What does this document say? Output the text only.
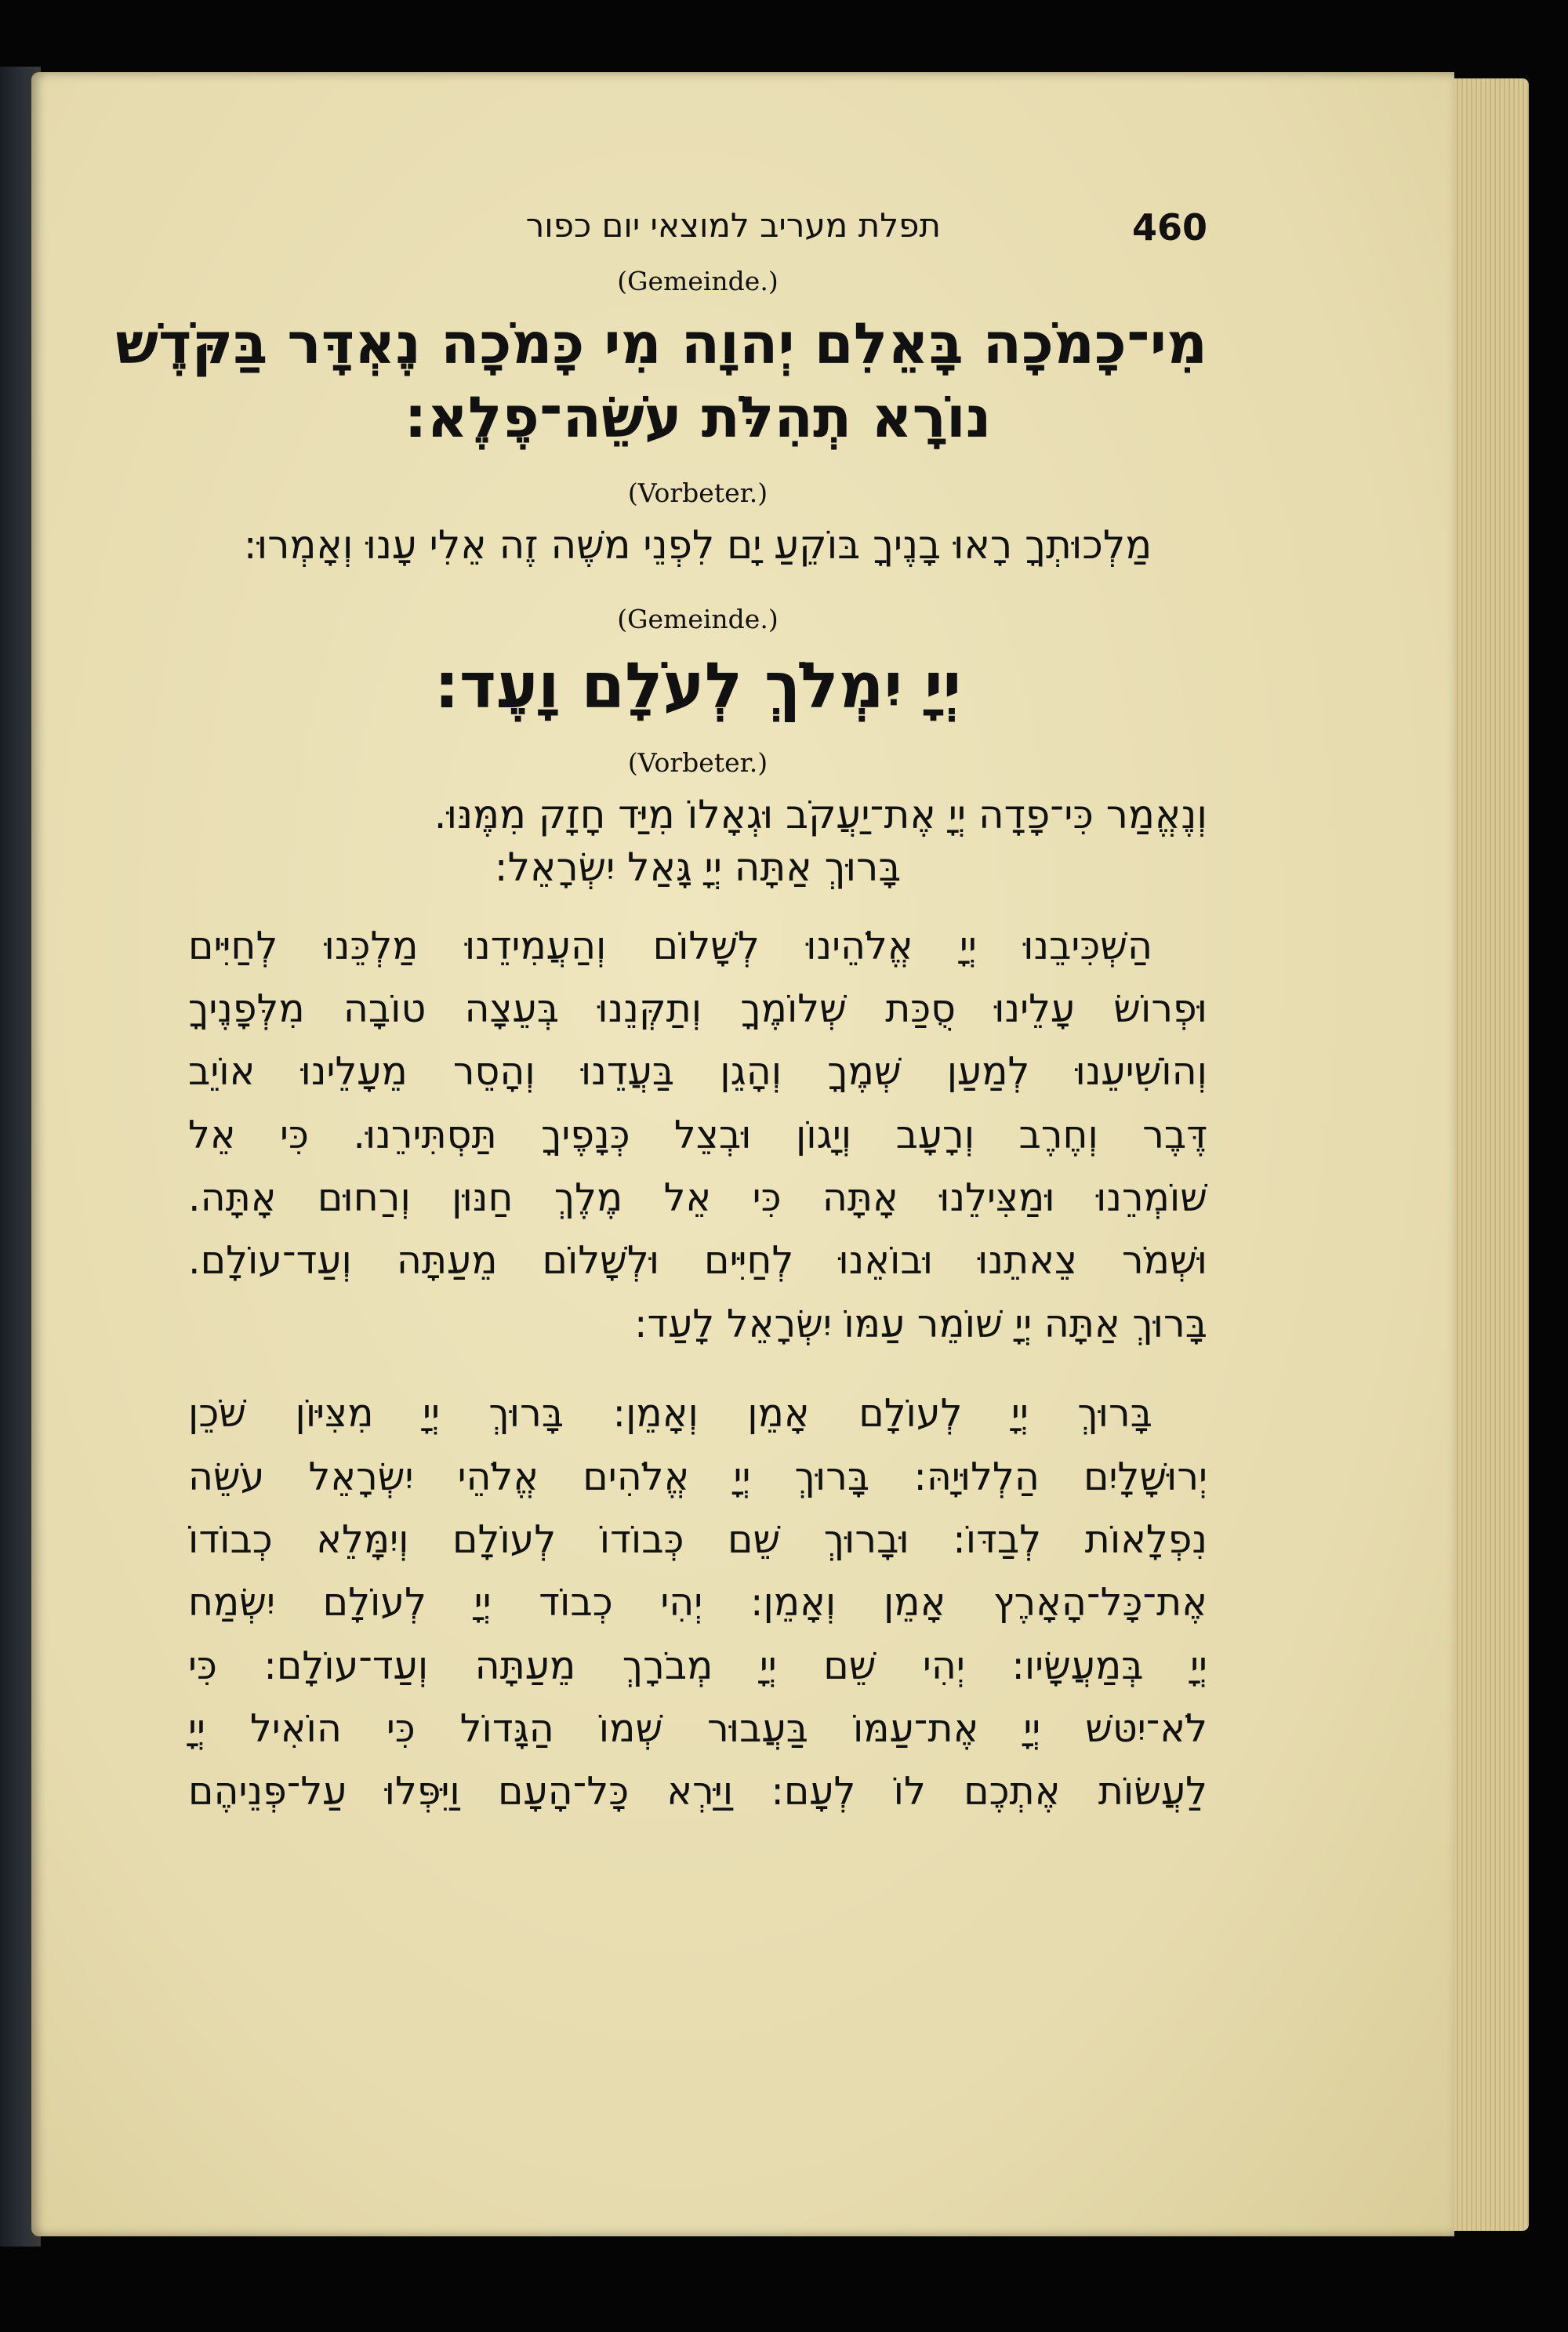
תפלת מעריב למוצאי יום כפור	460
(Gemeinde.)
מִי־כָמֹכָה בָּאֵלִם יְהוָה מִי כָּמֹכָה נֶאְדָּר בַּקֹּדֶשׁ
נוֹרָא תְהִלֹּת עֹשֵׂה־פֶלֶא:
(Vorbeter.)
מַלְכוּתְךָ רָאוּ בָנֶיךָ בּוֹקֵעַ יָם לִפְנֵי משֶׁה זֶה אֵלִי עָנוּ וְאָמְרוּ:
(Gemeinde.)
יְיָ יִמְלֹךְ לְעֹלָם וָעֶד:
(Vorbeter.)
וְנֶאֱמַר כִּי־פָדָה יְיָ אֶת־יַעֲקֹב וּגְאָלוֹ מִיַּד חָזָק מִמֶּנּוּ.
בָּרוּךְ אַתָּה יְיָ גָּאַל יִשְׂרָאֵל:
הַשְׁכִּיבֵנוּ יְיָ אֱלֹהֵינוּ לְשָׁלוֹם וְהַעֲמִידֵנוּ מַלְכֵּנוּ לְחַיִּים
וּפְרוֹשׂ עָלֵינוּ סֻכַּת שְׁלוֹמֶךָ וְתַקְּנֵנוּ בְּעֵצָה טוֹבָה מִלְּפָנֶיךָ
וְהוֹשִׁיעֵנוּ לְמַעַן שְׁמֶךָ וְהָגֵן בַּעֲדֵנוּ וְהָסֵר מֵעָלֵינוּ אוֹיֵב
דֶּבֶר וְחֶרֶב וְרָעָב וְיָגוֹן וּבְצֵל כְּנָפֶיךָ תַּסְתִּירֵנוּ. כִּי אֵל
שׁוֹמְרֵנוּ וּמַצִּילֵנוּ אָתָּה כִּי אֵל מֶלֶךְ חַנּוּן וְרַחוּם אָתָּה.
וּשְׁמֹר צֵאתֵנוּ וּבוֹאֵנוּ לְחַיִּים וּלְשָׁלוֹם מֵעַתָּה וְעַד־עוֹלָם.
בָּרוּךְ אַתָּה יְיָ שׁוֹמֵר עַמּוֹ יִשְׂרָאֵל לָעַד:
בָּרוּךְ יְיָ לְעוֹלָם אָמֵן וְאָמֵן: בָּרוּךְ יְיָ מִצִּיּוֹן שֹׁכֵן
יְרוּשָׁלָיִם הַלְלוּיָהּ: בָּרוּךְ יְיָ אֱלֹהִים אֱלֹהֵי יִשְׂרָאֵל עֹשֵׂה
נִפְלָאוֹת לְבַדּוֹ: וּבָרוּךְ שֵׁם כְּבוֹדוֹ לְעוֹלָם וְיִמָּלֵא כְבוֹדוֹ
אֶת־כָּל־הָאָרֶץ אָמֵן וְאָמֵן: יְהִי כְבוֹד יְיָ לְעוֹלָם יִשְׂמַח
יְיָ בְּמַעֲשָׂיו: יְהִי שֵׁם יְיָ מְבֹרָךְ מֵעַתָּה וְעַד־עוֹלָם: כִּי
לֹא־יִטּשׁ יְיָ אֶת־עַמּוֹ בַּעֲבוּר שְׁמוֹ הַגָּדוֹל כִּי הוֹאִיל יְיָ
לַעֲשׂוֹת אֶתְכֶם לוֹ לְעָם: וַיַּרְא כָּל־הָעָם וַיִּפְּלוּ עַל־פְּנֵיהֶם
